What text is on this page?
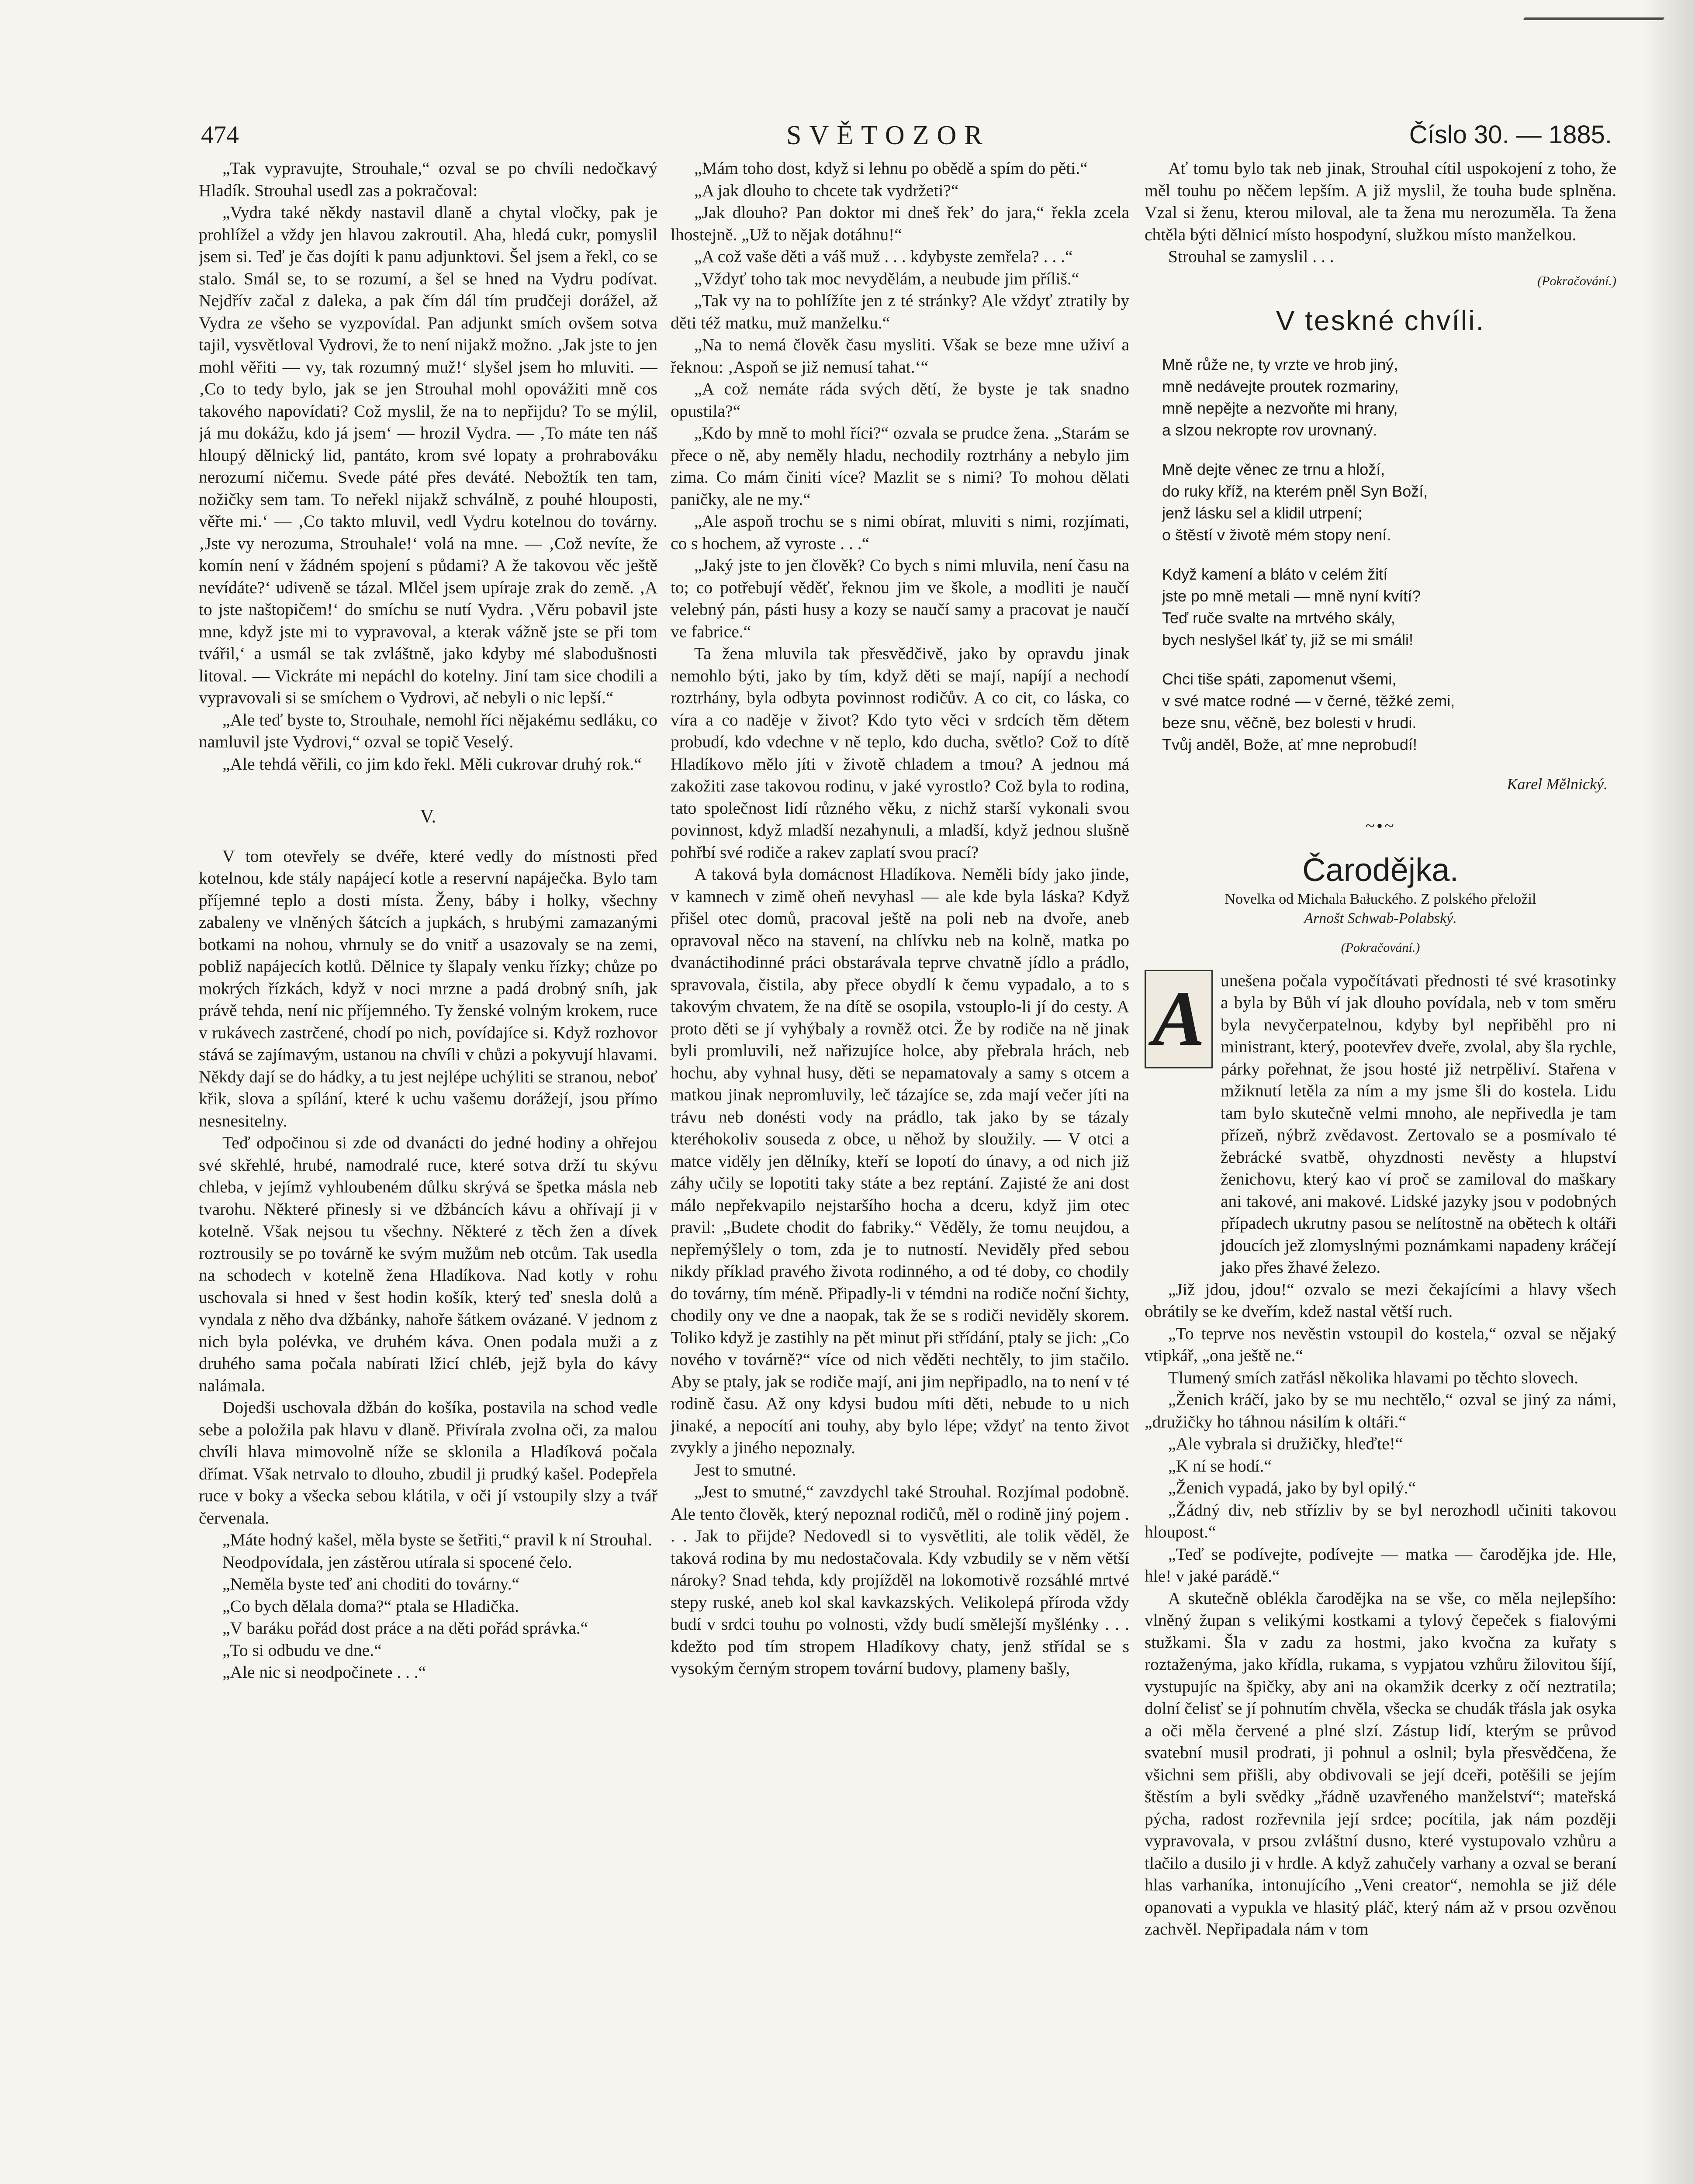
474	SVĚTOZOR	Číslo 30. — 1885.

„Tak vypravujte, Strouhale,“ ozval se po chvíli nedočkavý Hladík. Strouhal usedl zas a pokračoval:

„Vydra také někdy nastavil dlaně a chytal vločky, pak je prohlížel a vždy jen hlavou zakroutil. Aha, hledá cukr, pomyslil jsem si. Teď je čas dojíti k panu adjunktovi. Šel jsem a řekl, co se stalo. Smál se, to se rozumí, a šel se hned na Vydru podívat. Nejdřív začal z daleka, a pak čím dál tím prudčeji dorážel, až Vydra ze všeho se vyzpovídal. Pan adjunkt smích ovšem sotva tajil, vysvětloval Vydrovi, že to není nijakž možno. ‚Jak jste to jen mohl věřiti — vy, tak rozumný muž!‘ slyšel jsem ho mluviti. — ‚Co to tedy bylo, jak se jen Strouhal mohl opovážiti mně cos takového napovídati? Což myslil, že na to nepřijdu? To se mýlil, já mu dokážu, kdo já jsem‘ — hrozil Vydra. — ‚To máte ten náš hloupý dělnický lid, pantáto, krom své lopaty a prohrabováku nerozumí ničemu. Svede páté přes deváté. Nebožtík ten tam, nožičky sem tam. To neřekl nijakž schválně, z pouhé hlouposti, věřte mi.‘ — ‚Co takto mluvil, vedl Vydru kotelnou do továrny. ‚Jste vy nerozuma, Strouhale!‘ volá na mne. — ‚Což nevíte, že komín není v žádném spojení s půdami? A že takovou věc ještě nevídáte?‘ udiveně se tázal. Mlčel jsem upíraje zrak do země. ‚A to jste naštopičem!‘ do smíchu se nutí Vydra. ‚Věru pobavil jste mne, když jste mi to vypravoval, a kterak vážně jste se při tom tvářil,‘ a usmál se tak zvláštně, jako kdyby mé slabodušnosti litoval. — Vickráte mi nepáchl do kotelny. Jiní tam sice chodili a vypravovali si se smíchem o Vydrovi, ač nebyli o nic lepší.“

„Ale teď byste to, Strouhale, nemohl říci nějakému sedláku, co namluvil jste Vydrovi,“ ozval se topič Veselý.

„Ale tehdá věřili, co jim kdo řekl. Měli cukrovar druhý rok.“

V.

V tom otevřely se dvéře, které vedly do místnosti před kotelnou, kde stály napájecí kotle a reservní napáječka. Bylo tam příjemné teplo a dosti místa. Ženy, báby i holky, všechny zabaleny ve vlněných šátcích a jupkách, s hrubými zamazanými botkami na nohou, vhrnuly se do vnitř a usazovaly se na zemi, pobliž napájecích kotlů. Dělnice ty šlapaly venku řízky; chůze po mokrých řízkách, když v noci mrzne a padá drobný sníh, jak právě tehda, není nic příjemného. Ty ženské volným krokem, ruce v rukávech zastrčené, chodí po nich, povídajíce si. Když rozhovor stává se zajímavým, ustanou na chvíli v chůzi a pokyvují hlavami. Někdy dají se do hádky, a tu jest nejlépe uchýliti se stranou, neboť křik, slova a spílání, které k uchu vašemu dorážejí, jsou přímo nesnesitelny.

Teď odpočinou si zde od dvanácti do jedné hodiny a ohřejou své skřehlé, hrubé, namodralé ruce, které sotva drží tu skývu chleba, v jejímž vyhloubeném důlku skrývá se špetka másla neb tvarohu. Některé přinesly si ve džbáncích kávu a ohřívají ji v kotelně. Však nejsou tu všechny. Některé z těch žen a dívek roztrousily se po továrně ke svým mužům neb otcům. Tak usedla na schodech v kotelně žena Hladíkova. Nad kotly v rohu uschovala si hned v šest hodin košík, který teď snesla dolů a vyndala z něho dva džbánky, nahoře šátkem ovázané. V jednom z nich byla polévka, ve druhém káva. Onen podala muži a z druhého sama počala nabírati lžicí chléb, jejž byla do kávy nalámala.

Dojedši uschovala džbán do košíka, postavila na schod vedle sebe a položila pak hlavu v dlaně. Přivírala zvolna oči, za malou chvíli hlava mimovolně níže se sklonila a Hladíková počala dřímat. Však netrvalo to dlouho, zbudil ji prudký kašel. Podepřela ruce v boky a všecka sebou klátila, v oči jí vstoupily slzy a tvář červenala.

„Máte hodný kašel, měla byste se šetřiti,“ pravil k ní Strouhal.

Neodpovídala, jen zástěrou utírala si spocené čelo.

„Neměla byste teď ani choditi do továrny.“

„Co bych dělala doma?“ ptala se Hladička.

„V baráku pořád dost práce a na děti pořád správka.“

„To si odbudu ve dne.“

„Ale nic si neodpočinete . . .“

„Mám toho dost, když si lehnu po obědě a spím do pěti.“

„A jak dlouho to chcete tak vydržeti?“

„Jak dlouho? Pan doktor mi dneš řek’ do jara,“ řekla zcela lhostejně. „Už to nějak dotáhnu!“

„A což vaše děti a váš muž . . . kdybyste zemřela? . . .“

„Vždyť toho tak moc nevydělám, a neubude jim příliš.“

„Tak vy na to pohlížíte jen z té stránky? Ale vždyť ztratily by děti též matku, muž manželku.“

„Na to nemá člověk času mysliti. Však se beze mne uživí a řeknou: ‚Aspoň se již nemusí tahat.‘“

„A což nemáte ráda svých dětí, že byste je tak snadno opustila?“

„Kdo by mně to mohl říci?“ ozvala se prudce žena. „Starám se přece o ně, aby neměly hladu, nechodily roztrhány a nebylo jim zima. Co mám činiti více? Mazlit se s nimi? To mohou dělati paničky, ale ne my.“

„Ale aspoň trochu se s nimi obírat, mluviti s nimi, rozjímati, co s hochem, až vyroste . . .“

„Jaký jste to jen člověk? Co bych s nimi mluvila, není času na to; co potřebují věděť, řeknou jim ve škole, a modliti je naučí velebný pán, pásti husy a kozy se naučí samy a pracovat je naučí ve fabrice.“

Ta žena mluvila tak přesvědčivě, jako by opravdu jinak nemohlo býti, jako by tím, když děti se mají, napíjí a nechodí roztrhány, byla odbyta povinnost rodičův. A co cit, co láska, co víra a co naděje v život? Kdo tyto věci v srdcích těm dětem probudí, kdo vdechne v ně teplo, kdo ducha, světlo? Což to dítě Hladíkovo mělo jíti v životě chladem a tmou? A jednou má zakožiti zase takovou rodinu, v jaké vyrostlo? Což byla to rodina, tato společnost lidí různého věku, z nichž starší vykonali svou povinnost, když mladší nezahynuli, a mladší, když jednou slušně pohřbí své rodiče a rakev zaplatí svou prací?

A taková byla domácnost Hladíkova. Neměli bídy jako jinde, v kamnech v zimě oheň nevyhasl — ale kde byla láska? Když přišel otec domů, pracoval ještě na poli neb na dvoře, aneb opravoval něco na stavení, na chlívku neb na kolně, matka po dvanáctihodinné práci obstarávala teprve chvatně jídlo a prádlo, spravovala, čistila, aby přece obydlí k čemu vypadalo, a to s takovým chvatem, že na dítě se osopila, vstouplo-li jí do cesty. A proto děti se jí vyhýbaly a rovněž otci. Že by rodiče na ně jinak byli promluvili, než nařizujíce holce, aby přebrala hrách, neb hochu, aby vyhnal husy, děti se nepamatovaly a samy s otcem a matkou jinak nepromluvily, leč tázajíce se, zda mají večer jíti na trávu neb donésti vody na prádlo, tak jako by se tázaly kteréhokoliv souseda z obce, u něhož by sloužily. — V otci a matce viděly jen dělníky, kteří se lopotí do únavy, a od nich již záhy učily se lopotiti taky státe a bez reptání. Zajisté že ani dost málo nepřekvapilo nejstaršího hocha a dceru, když jim otec pravil: „Budete chodit do fabriky.“ Věděly, že tomu neujdou, a nepřemýšlely o tom, zda je to nutností. Neviděly před sebou nikdy příklad pravého života rodinného, a od té doby, co chodily do továrny, tím méně. Připadly-li v témdni na rodiče noční šichty, chodily ony ve dne a naopak, tak že se s rodiči neviděly skorem. Toliko když je zastihly na pět minut při střídání, ptaly se jich: „Co nového v továrně?“ více od nich věděti nechtěly, to jim stačilo. Aby se ptaly, jak se rodiče mají, ani jim nepřipadlo, na to není v té rodině času. Až ony kdysi budou míti děti, nebude to u nich jinaké, a nepocítí ani touhy, aby bylo lépe; vždyť na tento život zvykly a jiného nepoznaly.

Jest to smutné.

„Jest to smutné,“ zavzdychl také Strouhal. Rozjímal podobně. Ale tento člověk, který nepoznal rodičů, měl o rodině jiný pojem . . . Jak to přijde? Nedovedl si to vysvětliti, ale tolik věděl, že taková rodina by mu nedostačovala. Kdy vzbudily se v něm větší nároky? Snad tehda, kdy projížděl na lokomotivě rozsáhlé mrtvé stepy ruské, aneb kol skal kavkazských. Velikolepá příroda vždy budí v srdci touhu po volnosti, vždy budí smělejší myšlénky . . . kdežto pod tím stropem Hladíkovy chaty, jenž střídal se s vysokým černým stropem tovární budovy, plameny bašly,

Ať tomu bylo tak neb jinak, Strouhal cítil uspokojení z toho, že měl touhu po něčem lepším. A již myslil, že touha bude splněna. Vzal si ženu, kterou miloval, ale ta žena mu nerozuměla. Ta žena chtěla býti dělnicí místo hospodyní, služkou místo manželkou.

Strouhal se zamyslil . . .

(Pokračování.)

V teskné chvíli.
Mně růže ne, ty vrzte ve hrob jiný,
mně nedávejte proutek rozmariny,
mně nepějte a nezvoňte mi hrany,
a slzou nekropte rov urovnaný.
Mně dejte věnec ze trnu a hloží,
do ruky kříž, na kterém pněl Syn Boží,
jenž lásku sel a klidil utrpení;
o štěstí v životě mém stopy není.
Když kamení a bláto v celém žití
jste po mně metali — mně nyní kvítí?
Teď ruče svalte na mrtvého skály,
bych neslyšel lkáť ty, již se mi smáli!
Chci tiše spáti, zapomenut všemi,
v své matce rodné — v černé, těžké zemi,
beze snu, věčně, bez bolesti v hrudi.
Tvůj anděl, Bože, ať mne neprobudí!
Karel Mělnický.
~•~
Čarodějka.

Novelka od Michala Bałuckého. Z polského přeložil

Arnošt Schwab-Polabský.

(Pokračování.)

A unešena počala vypočítávati přednosti té své krasotinky a byla by Bůh ví jak dlouho povídala, neb v tom směru byla nevyčerpatelnou, kdyby byl nepřiběhl pro ni ministrant, který, pootevřev dveře, zvolal, aby šla rychle, párky pořehnat, že jsou hosté již netrpěliví. Stařena v mžiknutí letěla za ním a my jsme šli do kostela. Lidu tam bylo skutečně velmi mnoho, ale nepřivedla je tam přízeň, nýbrž zvědavost. Zertovalo se a posmívalo té žebrácké svatbě, ohyzdnosti nevěsty a hlupství ženichovu, který kao ví proč se zamiloval do maškary ani takové, ani makové. Lidské jazyky jsou v podobných případech ukrutny pasou se nelítostně na obětech k oltáři jdoucích jež zlomyslnými poznámkami napadeny kráčejí jako přes žhavé železo.

„Již jdou, jdou!“ ozvalo se mezi čekajícími a hlavy všech obrátily se ke dveřím, kdež nastal větší ruch.

„To teprve nos nevěstin vstoupil do kostela,“ ozval se nějaký vtipkář, „ona ještě ne.“

Tlumený smích zatřásl několika hlavami po těchto slovech.

„Ženich kráčí, jako by se mu nechtělo,“ ozval se jiný za námi, „družičky ho táhnou násilím k oltáři.“

„Ale vybrala si družičky, hleďte!“

„K ní se hodí.“

„Ženich vypadá, jako by byl opilý.“

„Žádný div, neb střízliv by se byl nerozhodl učiniti takovou hloupost.“

„Teď se podívejte, podívejte — matka — čarodějka jde. Hle, hle! v jaké parádě.“

A skutečně oblékla čarodějka na se vše, co měla nejlepšího: vlněný župan s velikými kostkami a tylový čepeček s fialovými stužkami. Šla v zadu za hostmi, jako kvočna za kuřaty s roztaženýma, jako křídla, rukama, s vypjatou vzhůru žilovitou šíjí, vystupujíc na špičky, aby ani na okamžik dcerky z očí neztratila; dolní čelisť se jí pohnutím chvěla, všecka se chudák třásla jak osyka a oči měla červené a plné slzí. Zástup lidí, kterým se průvod svatební musil prodrati, ji pohnul a oslnil; byla přesvědčena, že všichni sem přišli, aby obdivovali se její dceři, potěšili se jejím štěstím a byli svědky „řádně uzavřeného manželství“; mateřská pýcha, radost rozřevnila její srdce; pocítila, jak nám později vypravovala, v prsou zvláštní dusno, které vystupovalo vzhůru a tlačilo a dusilo ji v hrdle. A když zahučely varhany a ozval se beraní hlas varhaníka, intonujícího „Veni creator“, nemohla se již déle opanovati a vypukla ve hlasitý pláč, který nám až v prsou ozvěnou zachvěl. Nepřipadala nám v tom
